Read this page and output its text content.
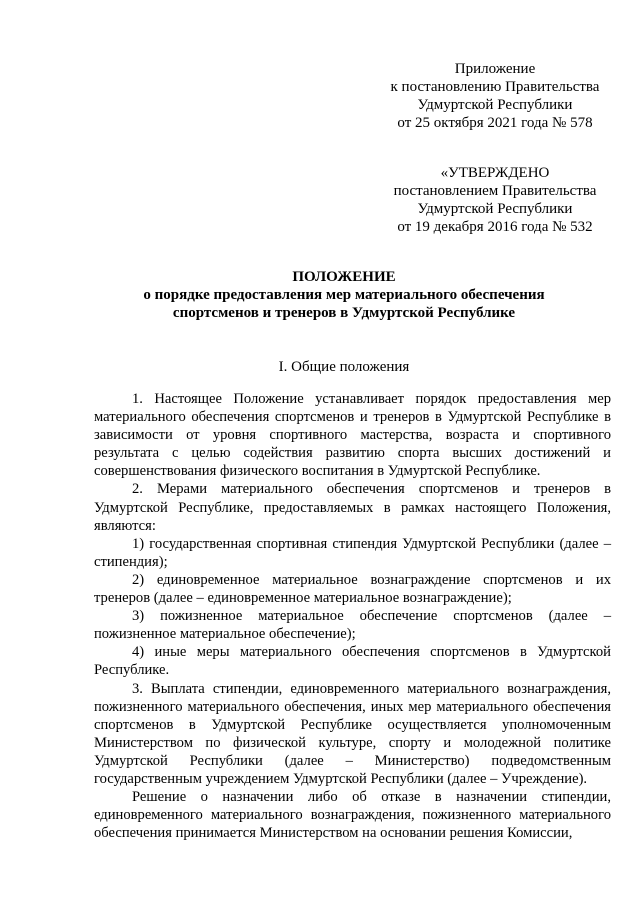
Приложение
к постановлению Правительства
Удмуртской Республики
от 25 октября 2021 года № 578
«УТВЕРЖДЕНО
постановлением Правительства
Удмуртской Республики
от 19 декабря 2016 года № 532
ПОЛОЖЕНИЕ
о порядке предоставления мер материального обеспечения
спортсменов и тренеров в Удмуртской Республике
I. Общие положения

1. Настоящее Положение устанавливает порядок предоставления мер материального обеспечения спортсменов и тренеров в Удмуртской Республике в зависимости от уровня спортивного мастерства, возраста и спортивного результата с целью содействия развитию спорта высших достижений и совершенствования физического воспитания в Удмуртской Республике.

2. Мерами материального обеспечения спортсменов и тренеров в Удмуртской Республике, предоставляемых в рамках настоящего Положения, являются:

1) государственная спортивная стипендия Удмуртской Республики (далее – стипендия);

2) единовременное материальное вознаграждение спортсменов и их тренеров (далее – единовременное материальное вознаграждение);

3) пожизненное материальное обеспечение спортсменов (далее – пожизненное материальное обеспечение);

4) иные меры материального обеспечения спортсменов в Удмуртской Республике.

3. Выплата стипендии, единовременного материального вознаграждения, пожизненного материального обеспечения, иных мер материального обеспечения спортсменов в Удмуртской Республике осуществляется уполномоченным Министерством по физической культуре, спорту и молодежной политике Удмуртской Республики (далее – Министерство) подведомственным государственным учреждением Удмуртской Республики (далее – Учреждение).

Решение о назначении либо об отказе в назначении стипендии, единовременного материального вознаграждения, пожизненного материального обеспечения принимается Министерством на основании решения Комиссии,
